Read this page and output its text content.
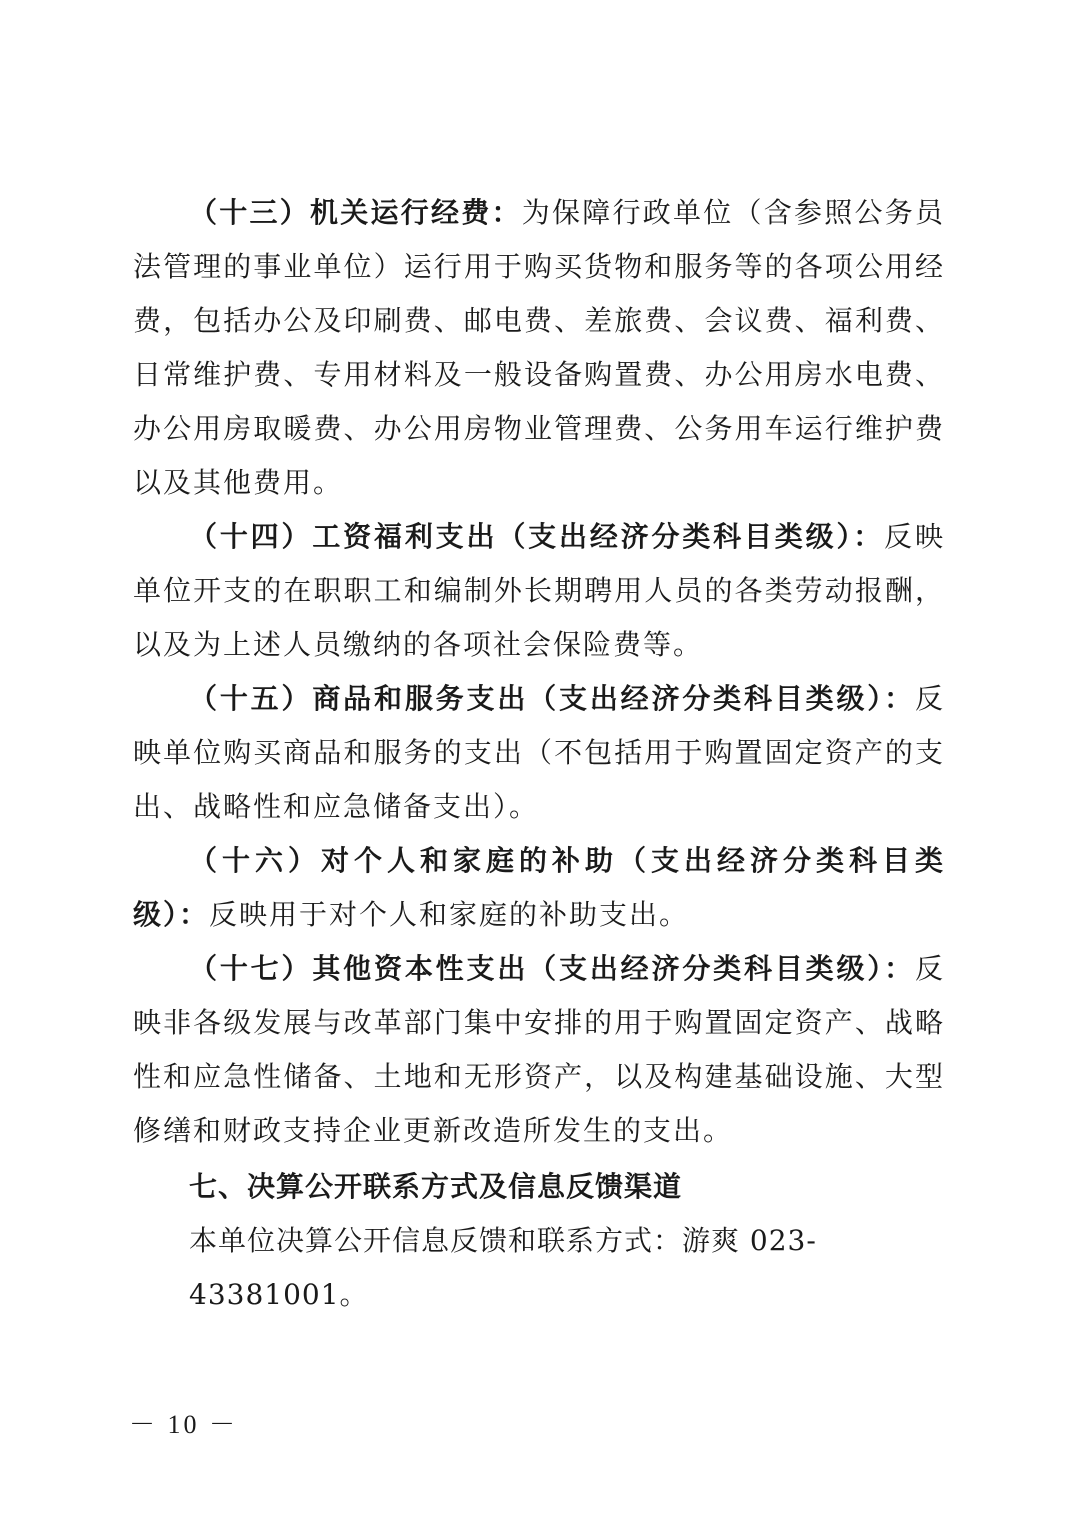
（十三）机关运行经费：为保障行政单位（含参照公务员法管理的事业单位）运行用于购买货物和服务等的各项公用经费，包括办公及印刷费、邮电费、差旅费、会议费、福利费、日常维护费、专用材料及一般设备购置费、办公用房水电费、办公用房取暖费、办公用房物业管理费、公务用车运行维护费以及其他费用。

（十四）工资福利支出（支出经济分类科目类级）：反映单位开支的在职职工和编制外长期聘用人员的各类劳动报酬，以及为上述人员缴纳的各项社会保险费等。

（十五）商品和服务支出（支出经济分类科目类级）：反映单位购买商品和服务的支出（不包括用于购置固定资产的支出、战略性和应急储备支出）。

（十六）对个人和家庭的补助（支出经济分类科目类级）：反映用于对个人和家庭的补助支出。

（十七）其他资本性支出（支出经济分类科目类级）：反映非各级发展与改革部门集中安排的用于购置固定资产、战略性和应急性储备、土地和无形资产，以及构建基础设施、大型修缮和财政支持企业更新改造所发生的支出。

七、决算公开联系方式及信息反馈渠道

本单位决算公开信息反馈和联系方式：游爽 023-43381001。

－ 10 －
